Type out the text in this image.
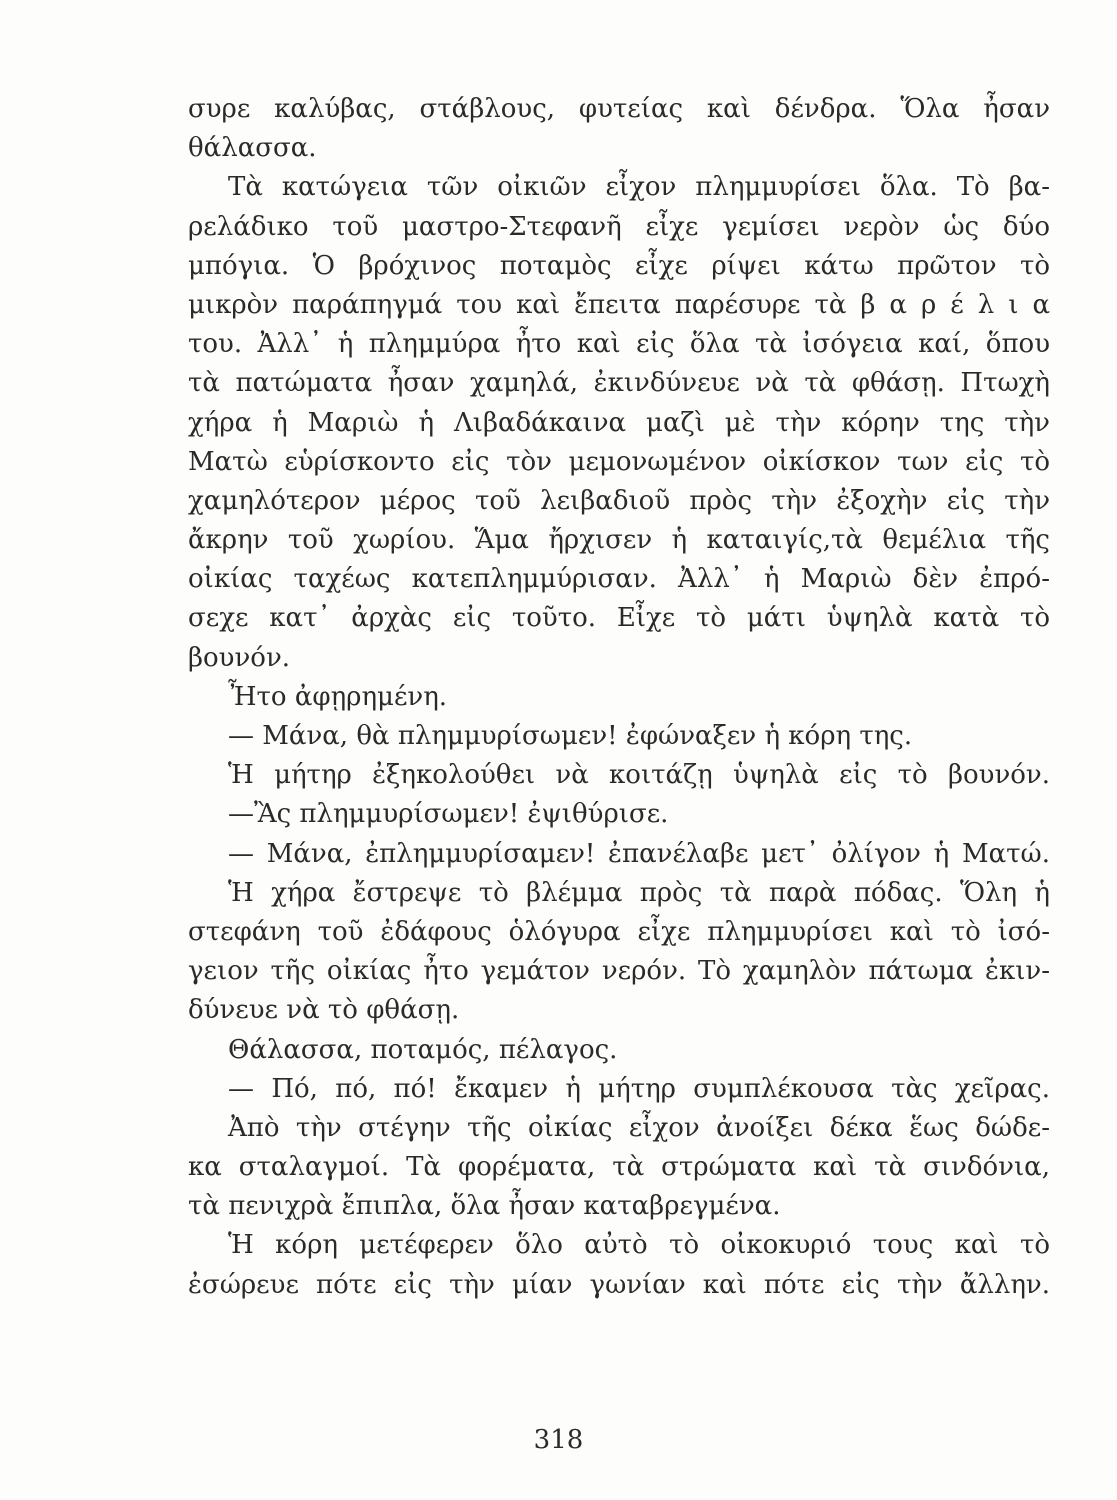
συρε καλύβας, στάβλους, φυτείας καὶ δένδρα. Ὅλα ἦσαν
θάλασσα.
Τὰ κατώγεια τῶν οἰκιῶν εἶχον πλημμυρίσει ὅλα. Τὸ βα-
ρελάδικο τοῦ μαστρο-Στεφανῆ εἶχε γεμίσει νερὸν ὡς δύο
μπόγια. Ὁ βρόχινος ποταμὸς εἶχε ρίψει κάτω πρῶτον τὸ
μικρὸν παράπηγμά του καὶ ἔπειτα παρέσυρε τὰ β α ρ έ λ ι α
του. Ἀλλ᾿ ἡ πλημμύρα ἦτο καὶ εἰς ὅλα τὰ ἰσόγεια καί, ὅπου
τὰ πατώματα ἦσαν χαμηλά, ἐκινδύνευε νὰ τὰ φθάσῃ. Πτωχὴ
χήρα ἡ Μαριὼ ἡ Λιβαδάκαινα μαζὶ μὲ τὴν κόρην της τὴν
Ματὼ εὑρίσκοντο εἰς τὸν μεμονωμένον οἰκίσκον των εἰς τὸ
χαμηλότερον μέρος τοῦ λειβαδιοῦ πρὸς τὴν ἐξοχὴν εἰς τὴν
ἄκρην τοῦ χωρίου. Ἅμα ἤρχισεν ἡ καταιγίς,τὰ θεμέλια τῆς
οἰκίας ταχέως κατεπλημμύρισαν. Ἀλλ᾿ ἡ Μαριὼ δὲν ἐπρό-
σεχε κατ᾿ ἀρχὰς εἰς τοῦτο. Εἶχε τὸ μάτι ὑψηλὰ κατὰ τὸ
βουνόν.
Ἦτο ἀφῃρημένη.
— Μάνα, θὰ πλημμυρίσωμεν! ἐφώναξεν ἡ κόρη της.
Ἡ μήτηρ ἐξηκολούθει νὰ κοιτάζῃ ὑψηλὰ εἰς τὸ βουνόν.
—Ἂς πλημμυρίσωμεν! ἐψιθύρισε.
— Μάνα, ἐπλημμυρίσαμεν! ἐπανέλαβε μετ᾿ ὀλίγον ἡ Ματώ.
Ἡ χήρα ἔστρεψε τὸ βλέμμα πρὸς τὰ παρὰ πόδας. Ὅλη ἡ
στεφάνη τοῦ ἐδάφους ὁλόγυρα εἶχε πλημμυρίσει καὶ τὸ ἰσό-
γειον τῆς οἰκίας ἦτο γεμάτον νερόν. Τὸ χαμηλὸν πάτωμα ἐκιν-
δύνευε νὰ τὸ φθάσῃ.
Θάλασσα, ποταμός, πέλαγος.
— Πό, πό, πό! ἔκαμεν ἡ μήτηρ συμπλέκουσα τὰς χεῖρας.
Ἀπὸ τὴν στέγην τῆς οἰκίας εἶχον ἀνοίξει δέκα ἕως δώδε-
κα σταλαγμοί. Τὰ φορέματα, τὰ στρώματα καὶ τὰ σινδόνια,
τὰ πενιχρὰ ἔπιπλα, ὅλα ἦσαν καταβρεγμένα.
Ἡ κόρη μετέφερεν ὅλο αὐτὸ τὸ οἰκοκυριό τους καὶ τὸ
ἐσώρευε πότε εἰς τὴν μίαν γωνίαν καὶ πότε εἰς τὴν ἄλλην.
318
